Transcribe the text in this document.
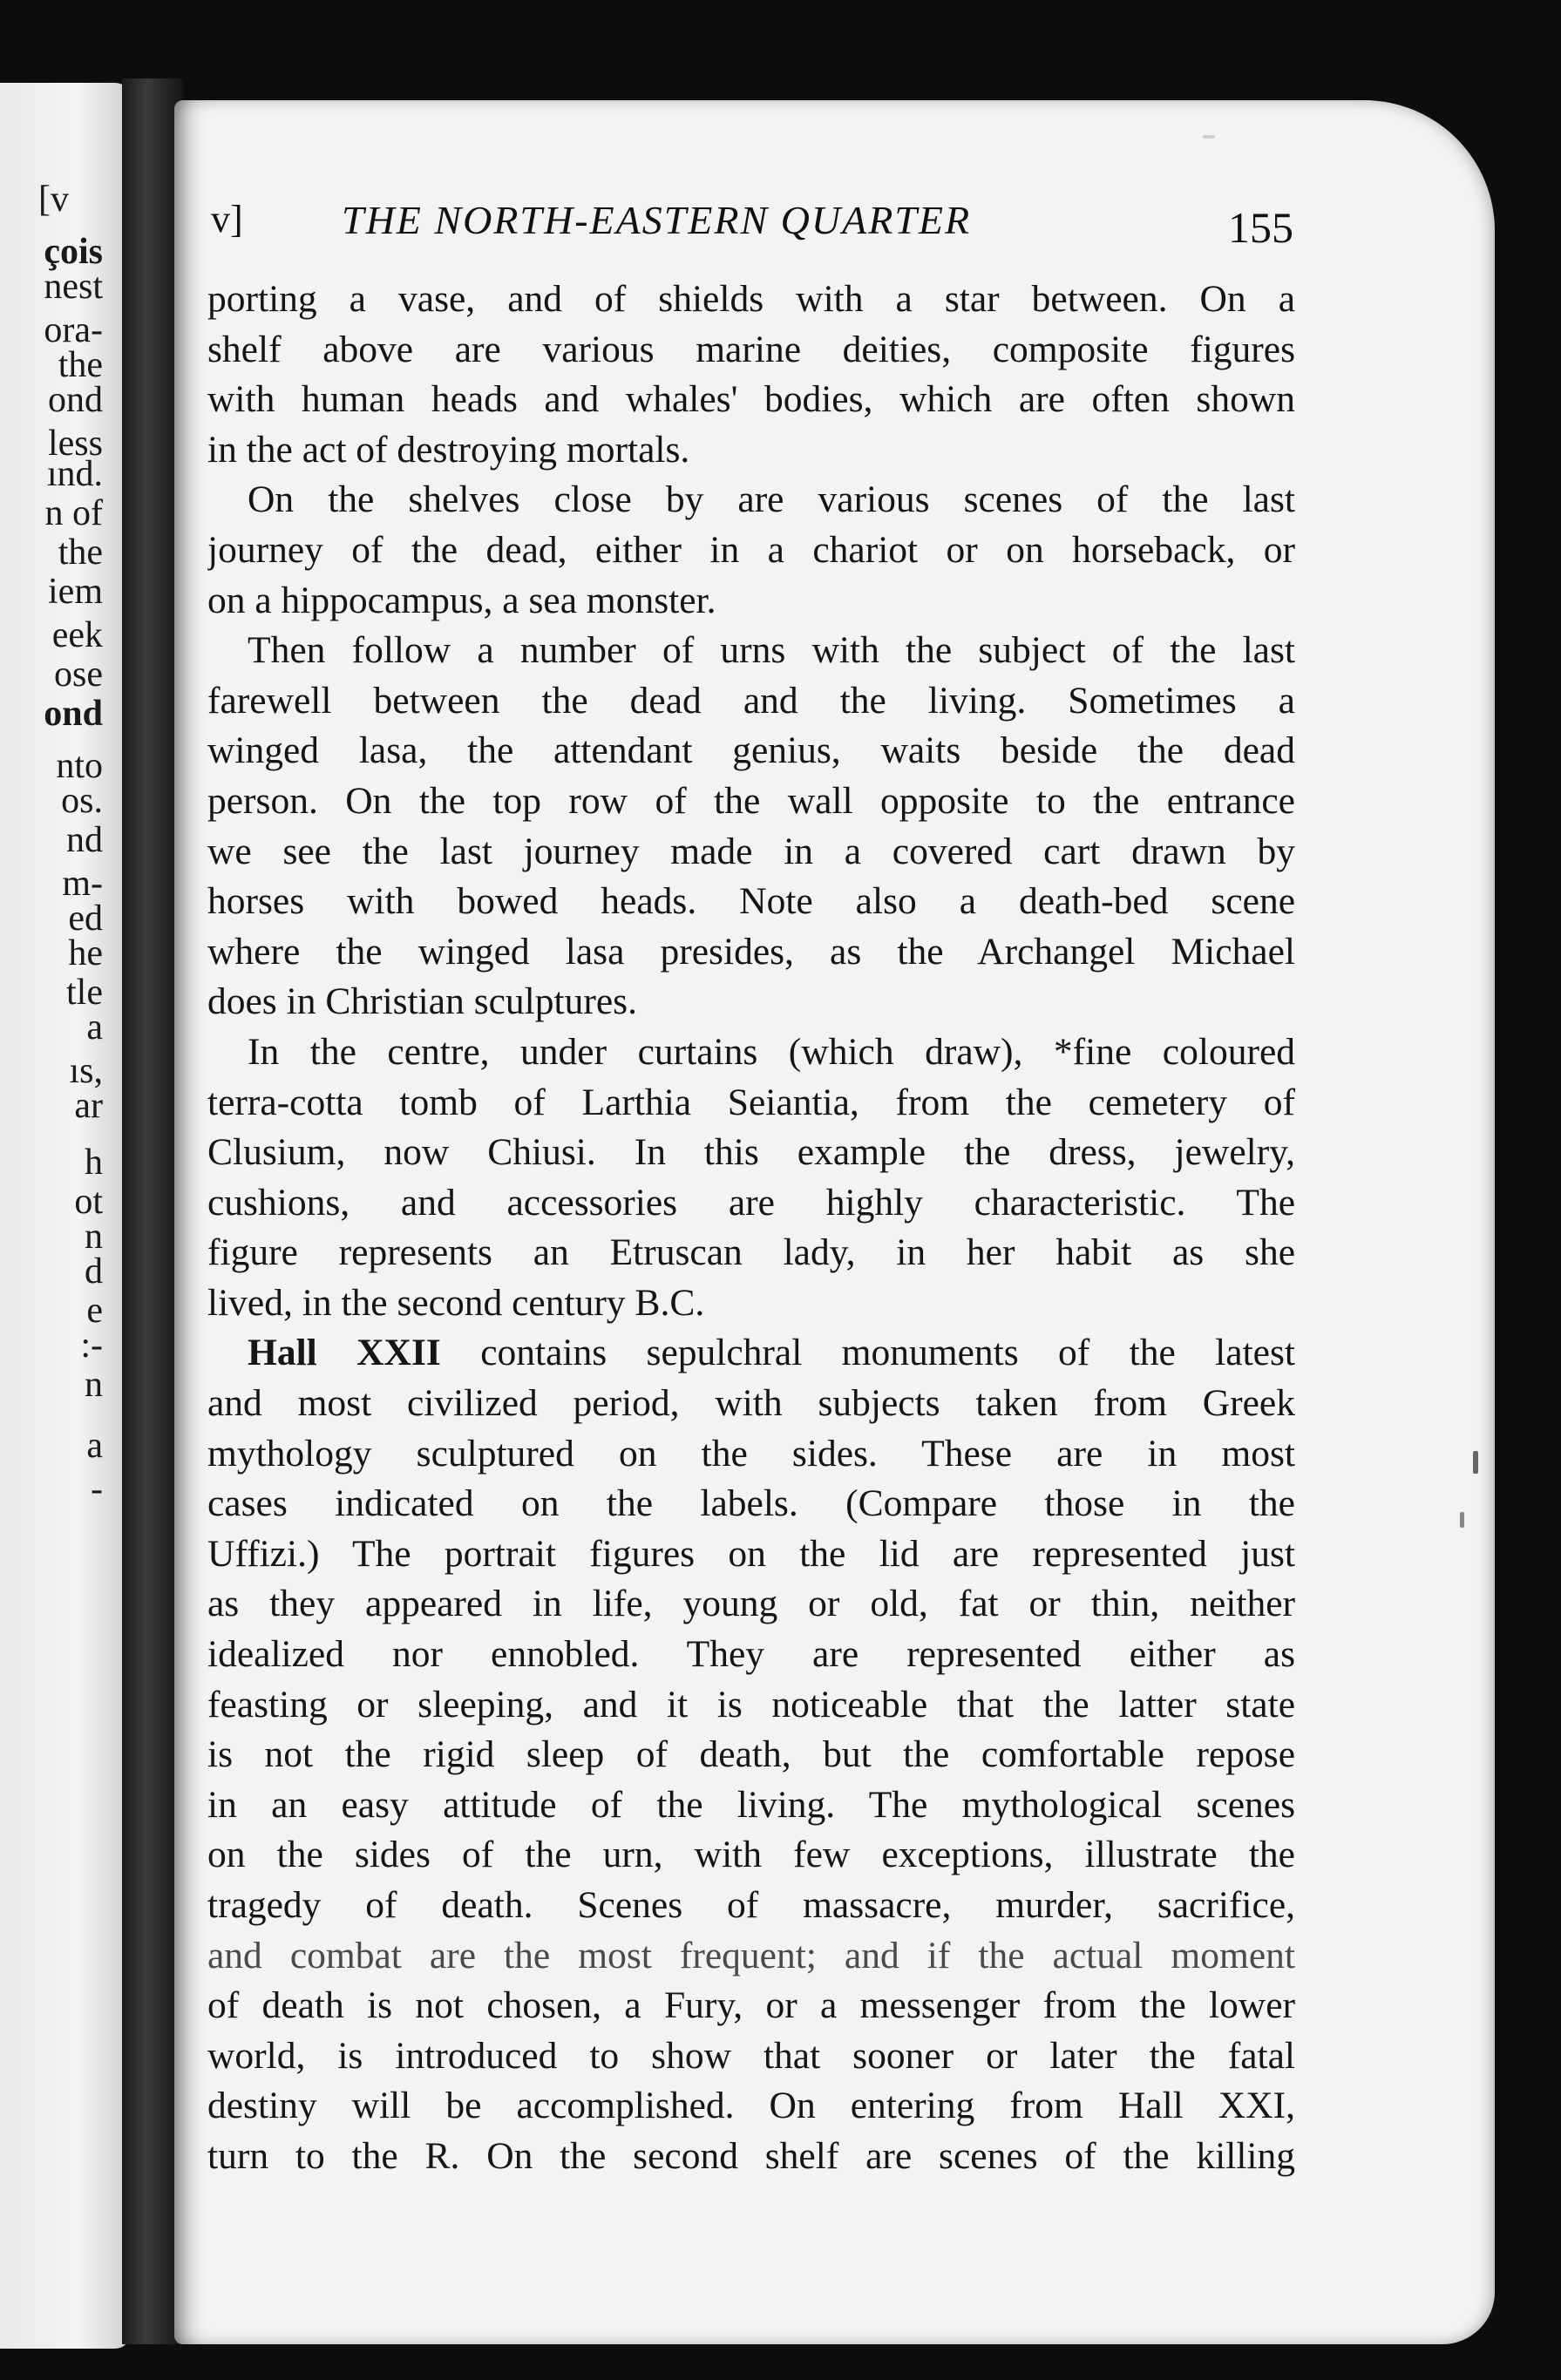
[v
çois
nest
ora-
the
ond
less
ınd.
n of
the
iem
eek
ose
ond
nto
os.
nd
m-
ed
he
tle
a
ıs,
ar
h
ot
n
d
e
:-
n
a
-
v] THE NORTH-EASTERN QUARTER	155
porting a vase, and of shields with a star between. On a
shelf above are various marine deities, composite figures
with human heads and whales' bodies, which are often shown
in the act of destroying mortals.
On the shelves close by are various scenes of the last
journey of the dead, either in a chariot or on horseback, or
on a hippocampus, a sea monster.
Then follow a number of urns with the subject of the last
farewell between the dead and the living. Sometimes a
winged lasa, the attendant genius, waits beside the dead
person. On the top row of the wall opposite to the entrance
we see the last journey made in a covered cart drawn by
horses with bowed heads. Note also a death-bed scene
where the winged lasa presides, as the Archangel Michael
does in Christian sculptures.
In the centre, under curtains (which draw), *fine coloured
terra-cotta tomb of Larthia Seiantia, from the cemetery of
Clusium, now Chiusi. In this example the dress, jewelry,
cushions, and accessories are highly characteristic. The
figure represents an Etruscan lady, in her habit as she
lived, in the second century B.C.
Hall XXII contains sepulchral monuments of the latest
and most civilized period, with subjects taken from Greek
mythology sculptured on the sides. These are in most
cases indicated on the labels. (Compare those in the
Uffizi.) The portrait figures on the lid are represented just
as they appeared in life, young or old, fat or thin, neither
idealized nor ennobled. They are represented either as
feasting or sleeping, and it is noticeable that the latter state
is not the rigid sleep of death, but the comfortable repose
in an easy attitude of the living. The mythological scenes
on the sides of the urn, with few exceptions, illustrate the
tragedy of death. Scenes of massacre, murder, sacrifice,
and combat are the most frequent; and if the actual moment
of death is not chosen, a Fury, or a messenger from the lower
world, is introduced to show that sooner or later the fatal
destiny will be accomplished. On entering from Hall XXI,
turn to the R. On the second shelf are scenes of the killing
